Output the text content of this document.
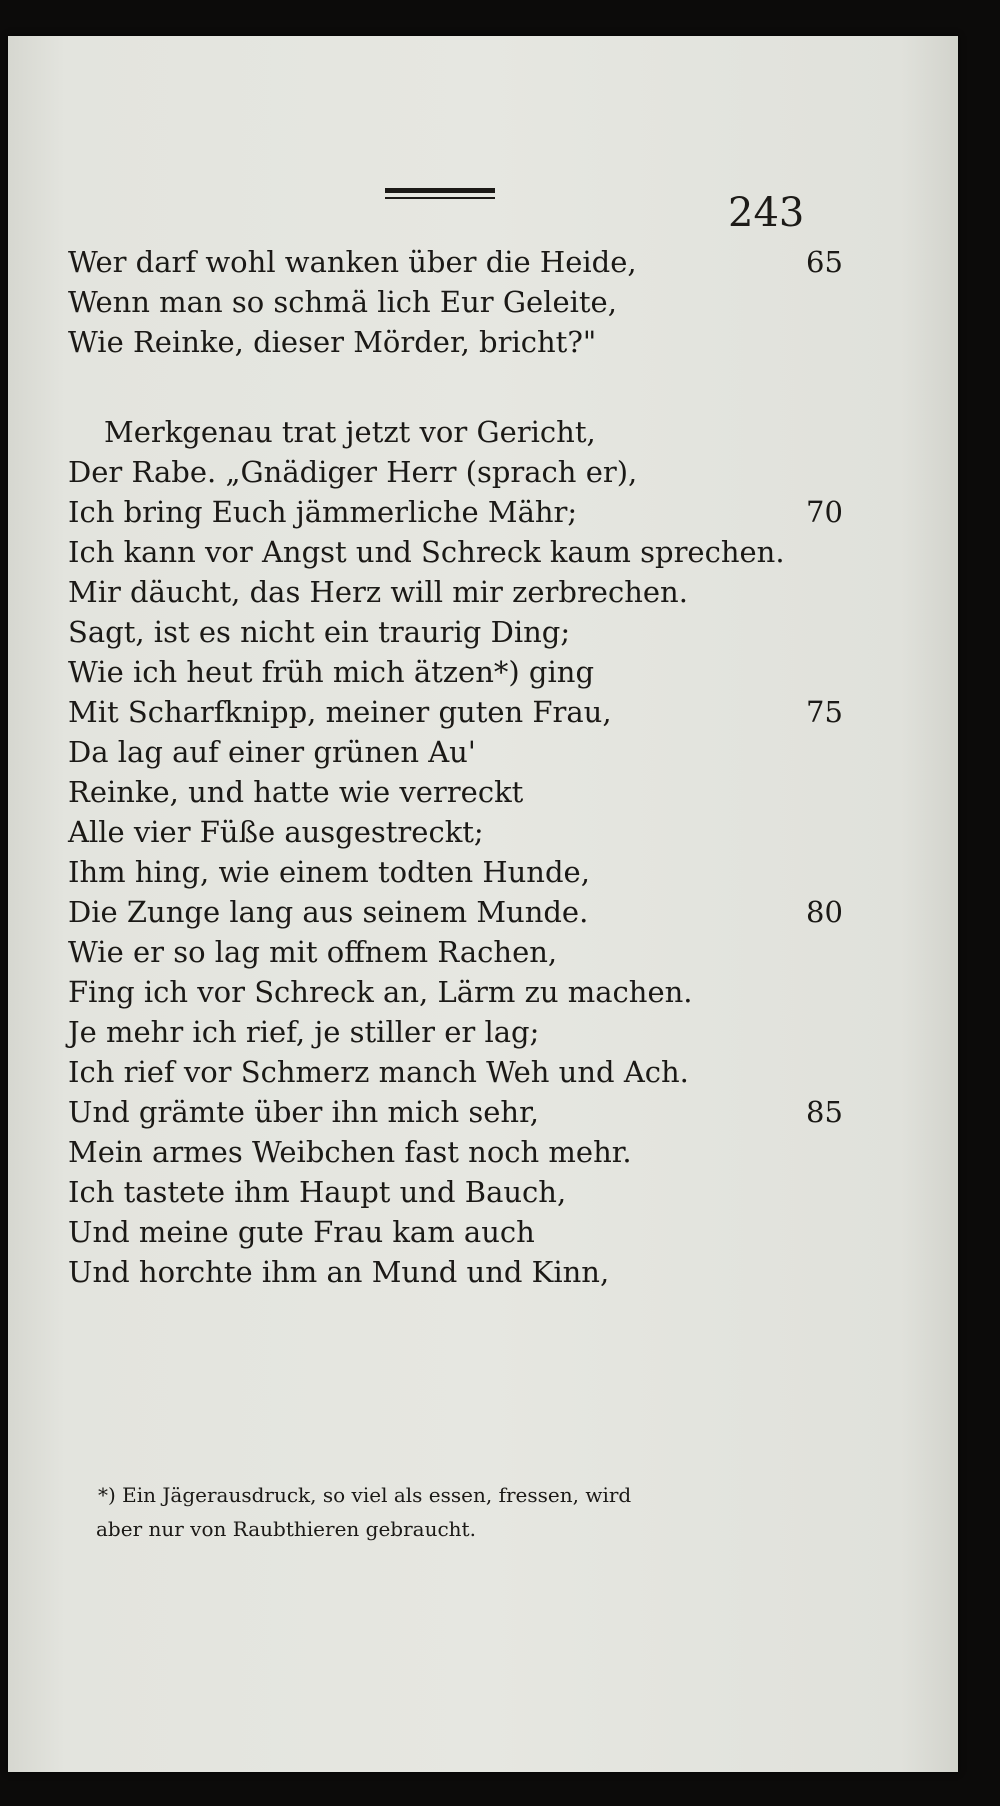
243
Wer darf wohl wanken über die Heide,	65
Wenn man so schmä lich Eur Geleite,
Wie Reinke, dieser Mörder, bricht?"
Merkgenau trat jetzt vor Gericht,
Der Rabe. „Gnädiger Herr (sprach er),
Ich bring Euch jämmerliche Mähr;	70
Ich kann vor Angst und Schreck kaum sprechen.
Mir däucht, das Herz will mir zerbrechen.
Sagt, ist es nicht ein traurig Ding;
Wie ich heut früh mich ätzen*) ging
Mit Scharfknipp, meiner guten Frau,	75
Da lag auf einer grünen Au'
Reinke, und hatte wie verreckt
Alle vier Füße ausgestreckt;
Ihm hing, wie einem todten Hunde,
Die Zunge lang aus seinem Munde.	80
Wie er so lag mit offnem Rachen,
Fing ich vor Schreck an, Lärm zu machen.
Je mehr ich rief, je stiller er lag;
Ich rief vor Schmerz manch Weh und Ach.
Und grämte über ihn mich sehr,	85
Mein armes Weibchen fast noch mehr.
Ich tastete ihm Haupt und Bauch,
Und meine gute Frau kam auch
Und horchte ihm an Mund und Kinn,
*) Ein Jägerausdruck, so viel als essen, fressen, wird
aber nur von Raubthieren gebraucht.
